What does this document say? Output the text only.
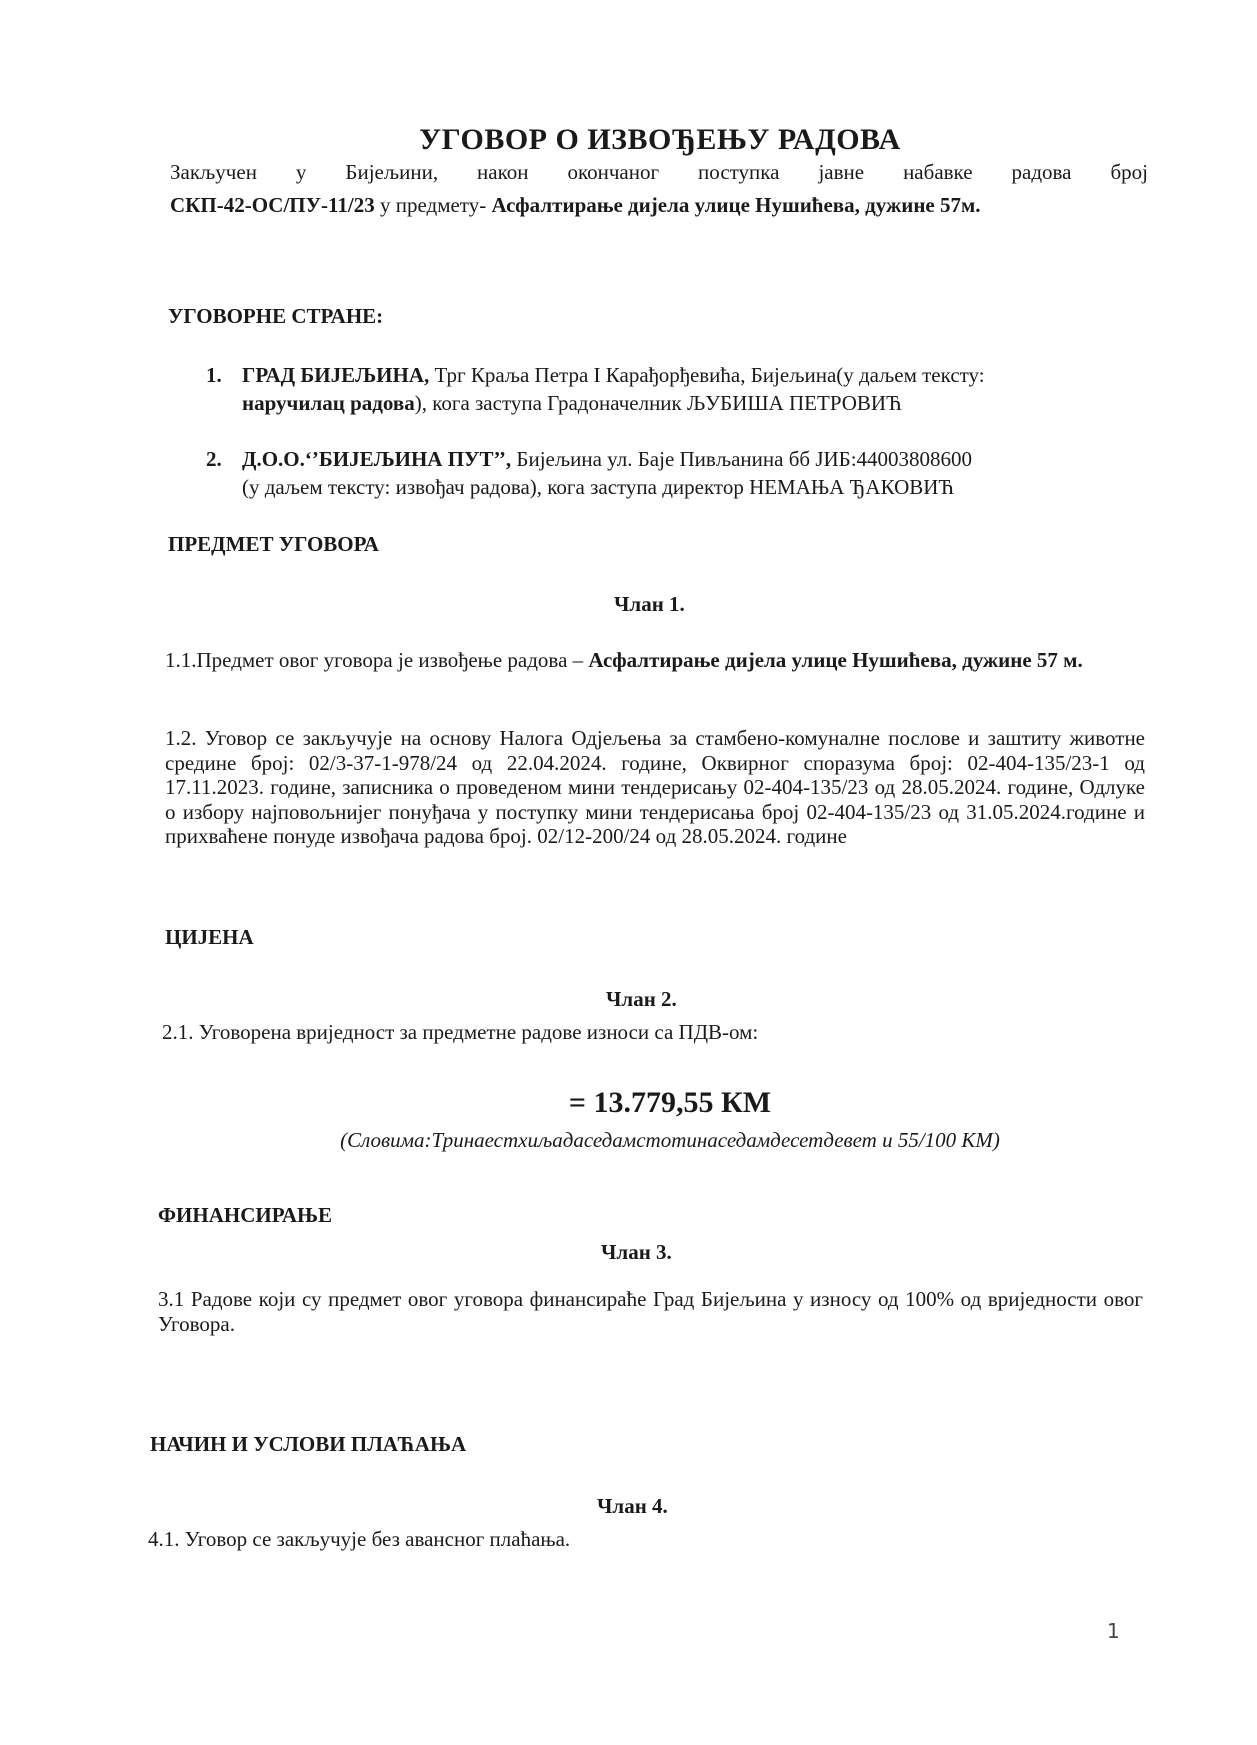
УГОВОР О ИЗВОЂЕЊУ РАДОВА
Закључен у Бијељини, након окончаног поступка јавне набавке радова број
СКП-42-ОС/ПУ-11/23 у предмету- Асфалтирање дијела улице Нушићева, дужине 57м.
УГОВОРНЕ СТРАНЕ:
1. ГРАД БИЈЕЉИНА, Трг Краља Петра I Карађорђевића, Бијељина(у даљем тексту:
наручилац радова), кога заступа Градоначелник ЉУБИША ПЕТРОВИЋ
2. Д.О.О.‘’БИЈЕЉИНА ПУТ’’, Бијељина ул. Баје Пивљанина бб ЈИБ:44003808600
(у даљем тексту: извођач радова), кога заступа директор НЕМАЊА ЂАКОВИЋ
ПРЕДМЕТ УГОВОРА
Члан 1.
1.1.Предмет овог уговора је извођење радова – Асфалтирање дијела улице Нушићева, дужине 57 м.
1.2. Уговор се закључује на основу Налога Одјељења за стамбено-комуналне послове и заштиту животне средине број: 02/3-37-1-978/24 од 22.04.2024. године, Оквирног споразума број: 02-404-135/23-1 од 17.11.2023. године, записника о проведеном мини тендерисању 02-404-135/23 од 28.05.2024. године, Одлуке о избору најповољнијег понуђача у поступку мини тендерисања број 02-404-135/23 од 31.05.2024.године и прихваћене понуде извођача радова број. 02/12-200/24 од 28.05.2024. године
ЦИЈЕНА
Члан 2.
2.1. Уговорена вриједност за предметне радове износи са ПДВ-ом:
= 13.779,55 КМ
(Словима:Тринаестхиљадаседамстотинаседамдесетдевет и 55/100 КМ)
ФИНАНСИРАЊЕ
Члан 3.
3.1 Радове који су предмет овог уговора финансираће Град Бијељина у износу од 100% од вриједности овог Уговора.
НАЧИН И УСЛОВИ ПЛАЋАЊА
Члан 4.
4.1. Уговор се закључује без авансног плаћања.
1
